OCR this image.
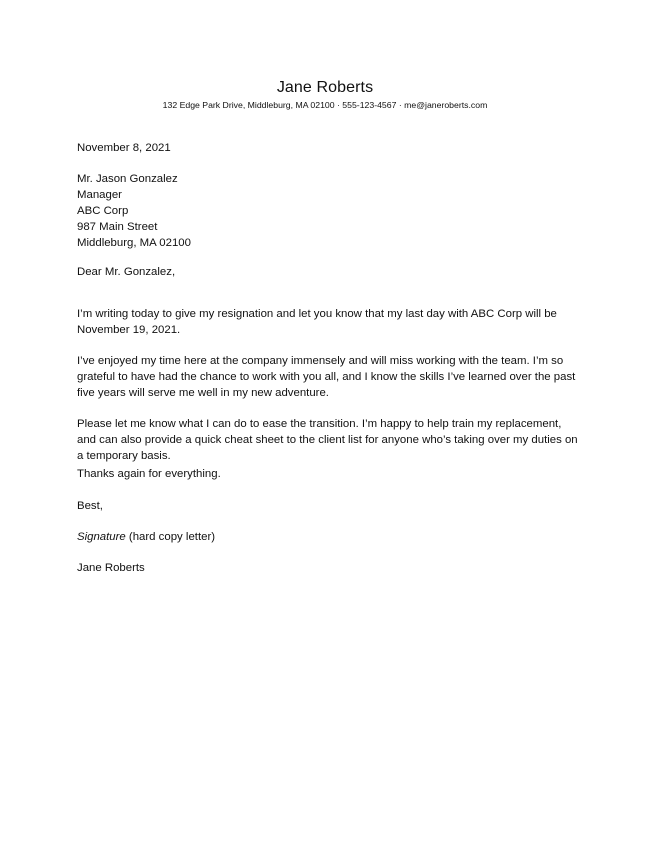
Jane Roberts
132 Edge Park Drive, Middleburg, MA 02100 · 555-123-4567 · me@janeroberts.com
November 8, 2021
Mr. Jason Gonzalez
Manager
ABC Corp
987 Main Street
Middleburg, MA 02100
Dear Mr. Gonzalez,

I’m writing today to give my resignation and let you know that my last day with ABC Corp will be November 19, 2021.

I’ve enjoyed my time here at the company immensely and will miss working with the team. I’m so grateful to have had the chance to work with you all, and I know the skills I’ve learned over the past five years will serve me well in my new adventure.

Please let me know what I can do to ease the transition. I’m happy to help train my replacement, and can also provide a quick cheat sheet to the client list for anyone who’s taking over my duties on a temporary basis.

Thanks again for everything.
Best,
Signature (hard copy letter)
Jane Roberts
